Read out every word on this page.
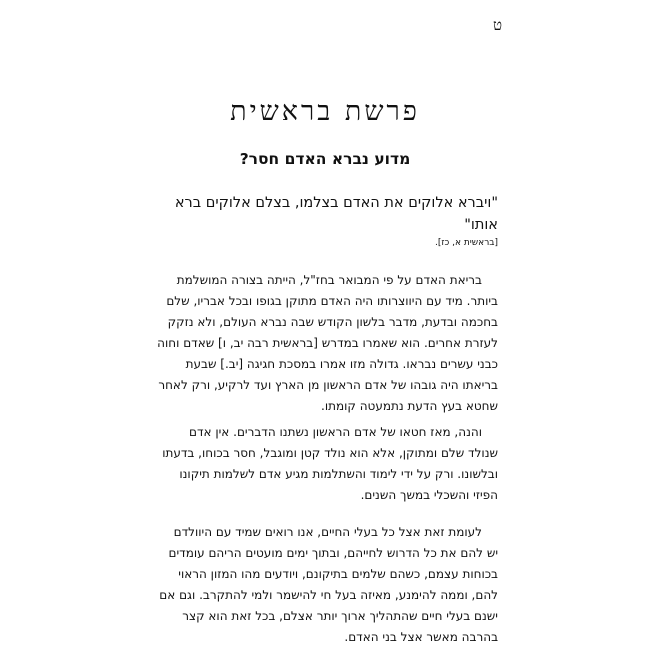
ט
פרשת בראשית
מדוע נברא האדם חסר?
"ויברא אלוקים את האדם בצלמו, בצלם אלוקים ברא
אותו"
[בראשית א, כז].
בריאת האדם על פי המבואר בחז"ל, הייתה בצורה המושלמת
ביותר. מיד עם היווצרותו היה האדם מתוקן בגופו ובכל אבריו, שלם
בחכמה ובדעת, מדבר בלשון הקודש שבה נברא העולם, ולא נזקק
לעזרת אחרים. הוא שאמרו במדרש [בראשית רבה יב, ו] שאדם וחוה
כבני עשרים נבראו. גדולה מזו אמרו במסכת חגיגה [יב.] שבעת
בריאתו היה גובהו של אדם הראשון מן הארץ ועד לרקיע, ורק לאחר
שחטא בעץ הדעת נתמעטה קומתו.
והנה, מאז חטאו של אדם הראשון נשתנו הדברים. אין אדם
שנולד שלם ומתוקן, אלא הוא נולד קטן ומוגבל, חסר בכוחו, בדעתו
ובלשונו. ורק על ידי לימוד והשתלמות מגיע אדם לשלמות תיקונו
הפיזי והשכלי במשך השנים.
לעומת זאת אצל כל בעלי החיים, אנו רואים שמיד עם היוולדם
יש להם את כל הדרוש לחייהם, ובתוך ימים מועטים הריהם עומדים
בכוחות עצמם, כשהם שלמים בתיקונם, ויודעים מהו המזון הראוי
להם, וממה להימנע, מאיזה בעל חי להישמר ולמי להתקרב. וגם אם
ישנם בעלי חיים שהתהליך ארוך יותר אצלם, בכל זאת הוא קצר
בהרבה מאשר אצל בני האדם.
